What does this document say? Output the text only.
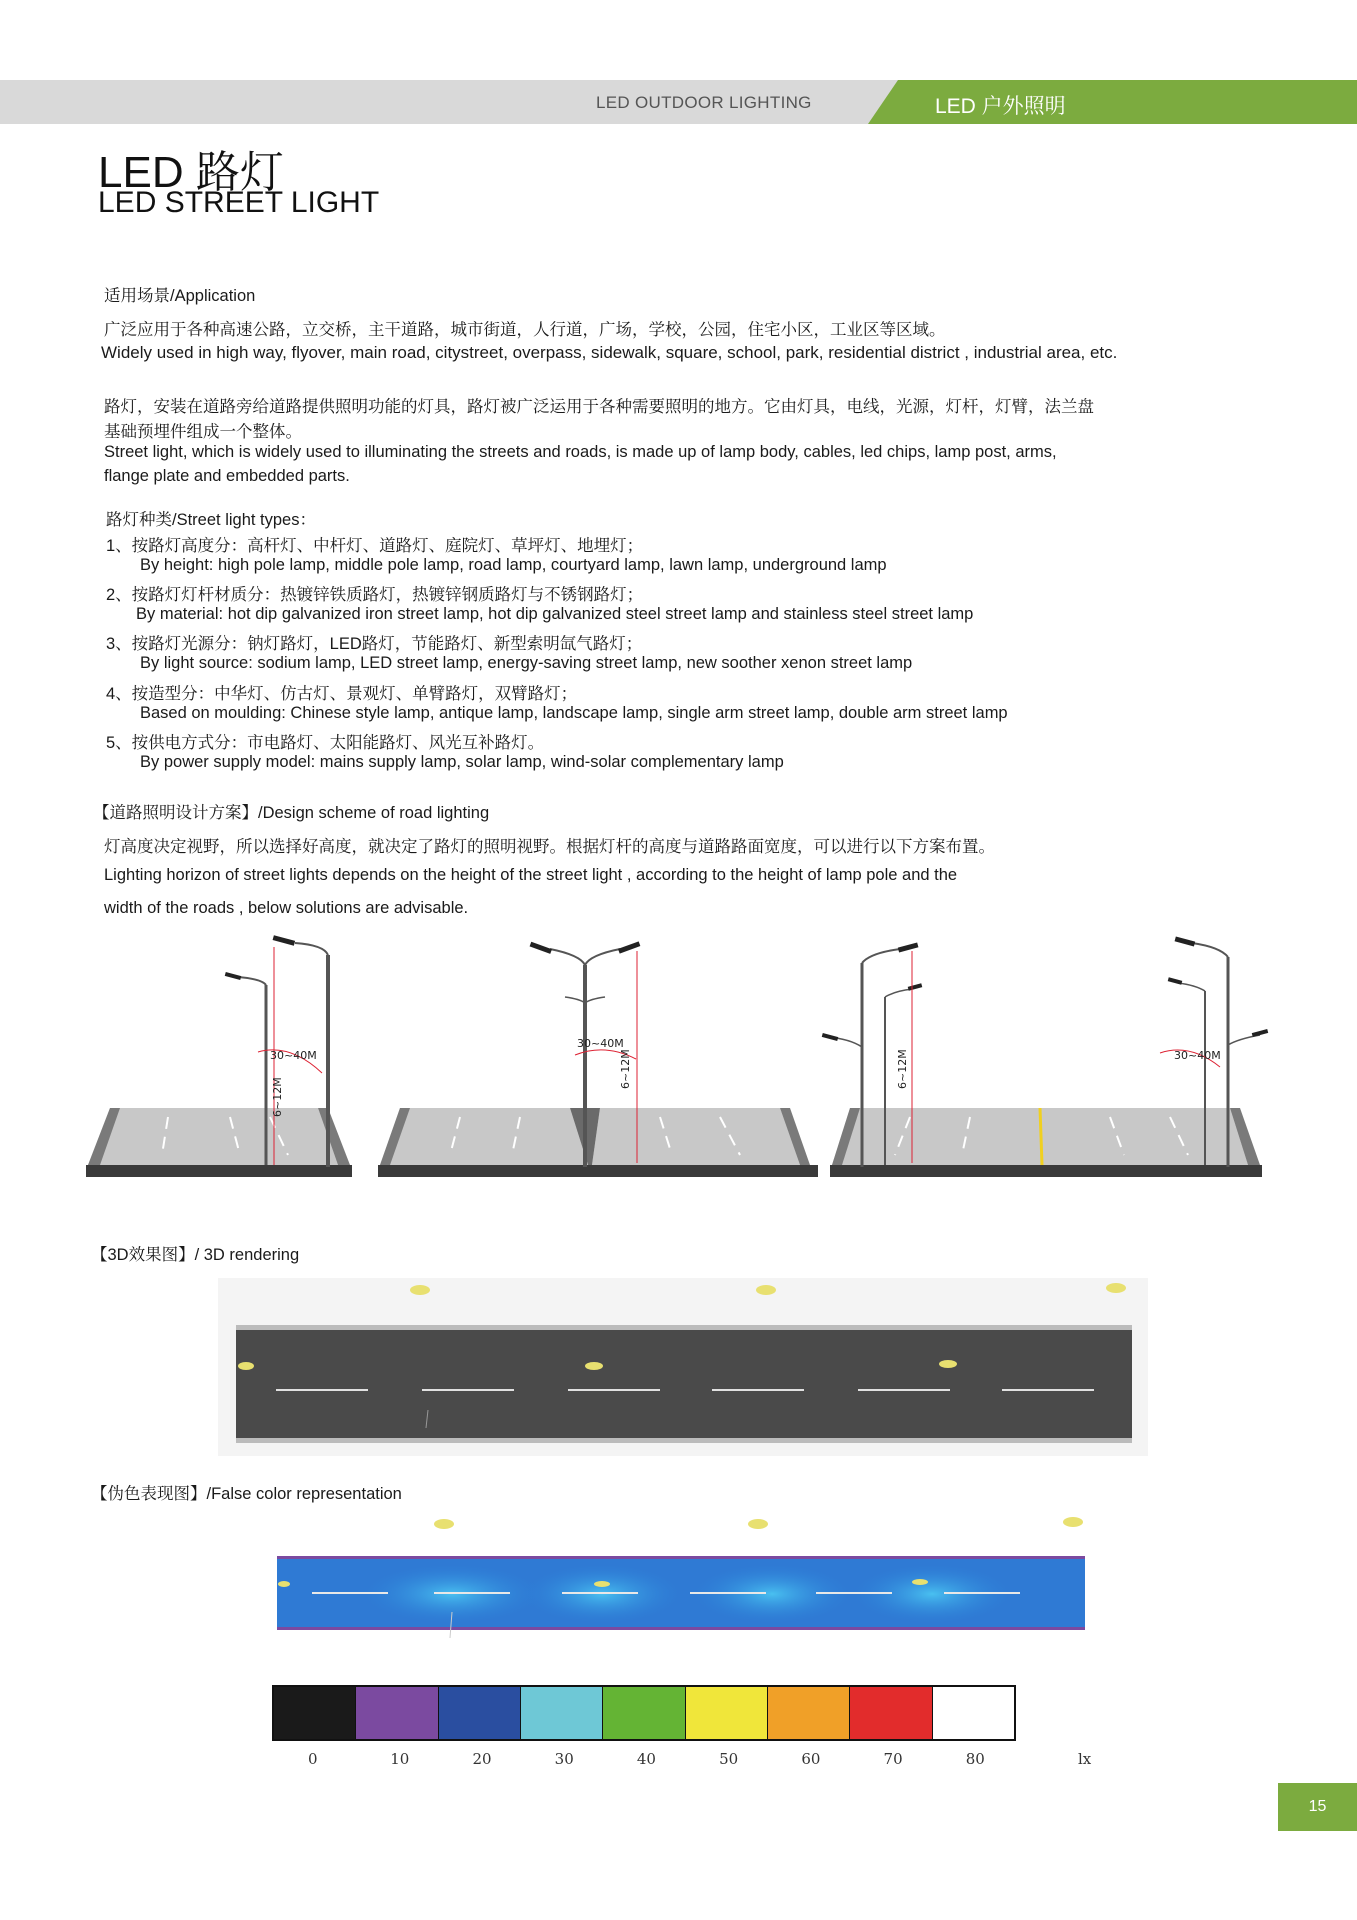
LED OUTDOOR LIGHTING	LED 户外照明
LED 路灯
LED STREET LIGHT
适用场景/Application
广泛应用于各种高速公路，立交桥，主干道路，城市街道，人行道，广场，学校，公园，住宅小区，工业区等区域。
Widely used in high way, flyover, main road, citystreet, overpass, sidewalk, square, school, park, residential district , industrial area, etc.
路灯，安装在道路旁给道路提供照明功能的灯具，路灯被广泛运用于各种需要照明的地方。它由灯具，电线，光源，灯杆，灯臂，法兰盘
基础预埋件组成一个整体。
Street light, which is widely used to illuminating the streets and roads, is made up of lamp body, cables, led chips, lamp post, arms,
flange plate and embedded parts.
路灯种类/Street light types：
1、按路灯高度分：高杆灯、中杆灯、道路灯、庭院灯、草坪灯、地埋灯；
By height: high pole lamp, middle pole lamp, road lamp, courtyard lamp, lawn lamp, underground lamp
2、按路灯灯杆材质分：热镀锌铁质路灯，热镀锌钢质路灯与不锈钢路灯；
By material: hot dip galvanized iron street lamp, hot dip galvanized steel street lamp and stainless steel street lamp
3、按路灯光源分：钠灯路灯，LED路灯，节能路灯、新型索明氙气路灯；
By light source: sodium lamp, LED street lamp, energy-saving street lamp, new soother xenon street lamp
4、按造型分：中华灯、仿古灯、景观灯、单臂路灯，双臂路灯；
Based on moulding: Chinese style lamp, antique lamp, landscape lamp, single arm street lamp, double arm street lamp
5、按供电方式分：市电路灯、太阳能路灯、风光互补路灯。
By power supply model: mains supply lamp, solar lamp, wind-solar complementary lamp
【道路照明设计方案】/Design scheme of road lighting
灯高度决定视野，所以选择好高度，就决定了路灯的照明视野。根据灯杆的高度与道路路面宽度，可以进行以下方案布置。
Lighting horizon of street lights depends on the height of the street light , according to the height of lamp pole and the
width of the roads , below solutions are advisable.
30~40M
6~12M
30~40M
6~12M	6~12M	30~40M
【3D效果图】/ 3D rendering
【伪色表现图】/False color representation
0	10	20	30	40	50	60	70	80	lx
15
